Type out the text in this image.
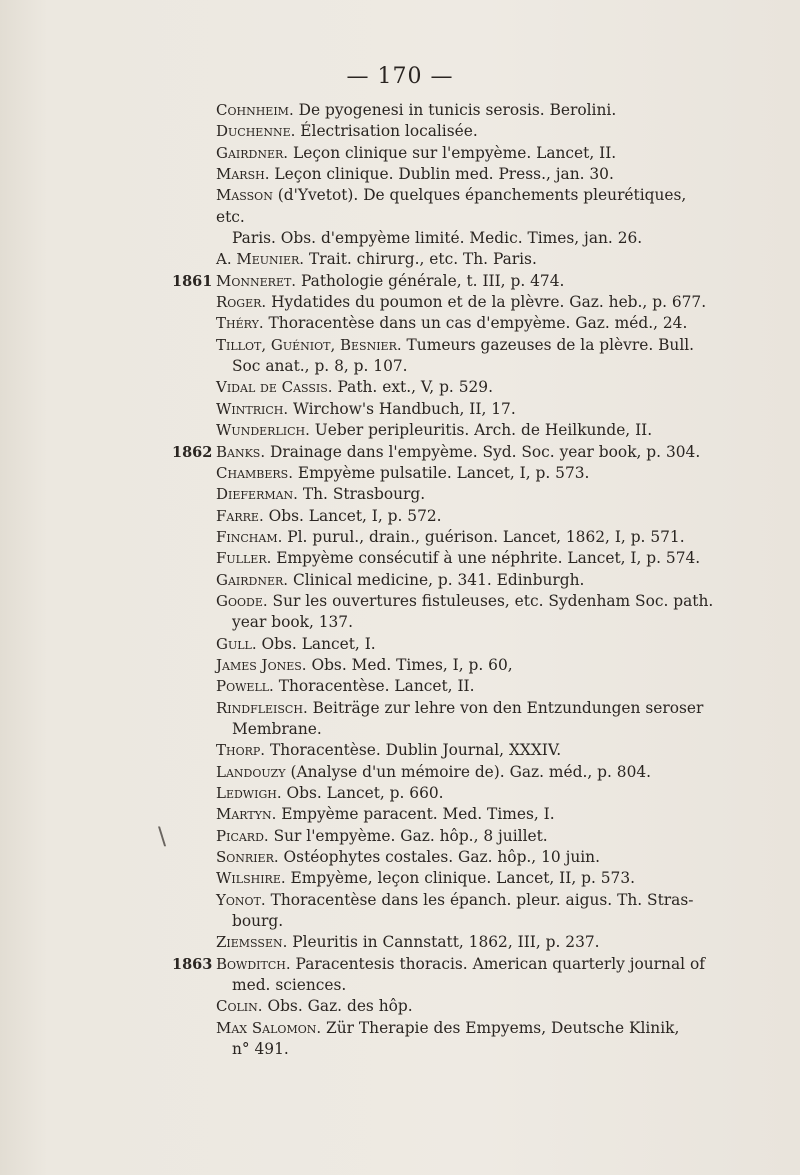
— 170 —
\
Cohnheim. De pyogenesi in tunicis serosis. Berolini.
Duchenne. Électrisation localisée.
Gairdner. Leçon clinique sur l'empyème. Lancet, II.
Marsh. Leçon clinique. Dublin med. Press., jan. 30.
Masson (d'Yvetot). De quelques épanchements pleurétiques, etc.
Paris. Obs. d'empyème limité. Medic. Times, jan. 26.
A. Meunier. Trait. chirurg., etc. Th. Paris.
1861 Monneret. Pathologie générale, t. III, p. 474.
Roger. Hydatides du poumon et de la plèvre. Gaz. heb., p. 677.
Théry. Thoracentèse dans un cas d'empyème. Gaz. méd., 24.
Tillot, Guéniot, Besnier. Tumeurs gazeuses de la plèvre. Bull.
Soc anat., p. 8, p. 107.
Vidal de Cassis. Path. ext., V, p. 529.
Wintrich. Wirchow's Handbuch, II, 17.
Wunderlich. Ueber peripleuritis. Arch. de Heilkunde, II.
1862 Banks. Drainage dans l'empyème. Syd. Soc. year book, p. 304.
Chambers. Empyème pulsatile. Lancet, I, p. 573.
Dieferman. Th. Strasbourg.
Farre. Obs. Lancet, I, p. 572.
Fincham. Pl. purul., drain., guérison. Lancet, 1862, I, p. 571.
Fuller. Empyème consécutif à une néphrite. Lancet, I, p. 574.
Gairdner. Clinical medicine, p. 341. Edinburgh.
Goode. Sur les ouvertures fistuleuses, etc. Sydenham Soc. path.
year book, 137.
Gull. Obs. Lancet, I.
James Jones. Obs. Med. Times, I, p. 60,
Powell. Thoracentèse. Lancet, II.
Rindfleisch. Beiträge zur lehre von den Entzundungen seroser
Membrane.
Thorp. Thoracentèse. Dublin Journal, XXXIV.
Landouzy (Analyse d'un mémoire de). Gaz. méd., p. 804.
Ledwigh. Obs. Lancet, p. 660.
Martyn. Empyème paracent. Med. Times, I.
Picard. Sur l'empyème. Gaz. hôp., 8 juillet.
Sonrier. Ostéophytes costales. Gaz. hôp., 10 juin.
Wilshire. Empyème, leçon clinique. Lancet, II, p. 573.
Yonot. Thoracentèse dans les épanch. pleur. aigus. Th. Stras-
bourg.
Ziemssen. Pleuritis in Cannstatt, 1862, III, p. 237.
1863 Bowditch. Paracentesis thoracis. American quarterly journal of
med. sciences.
Colin. Obs. Gaz. des hôp.
Max Salomon. Zür Therapie des Empyems, Deutsche Klinik,
n° 491.
